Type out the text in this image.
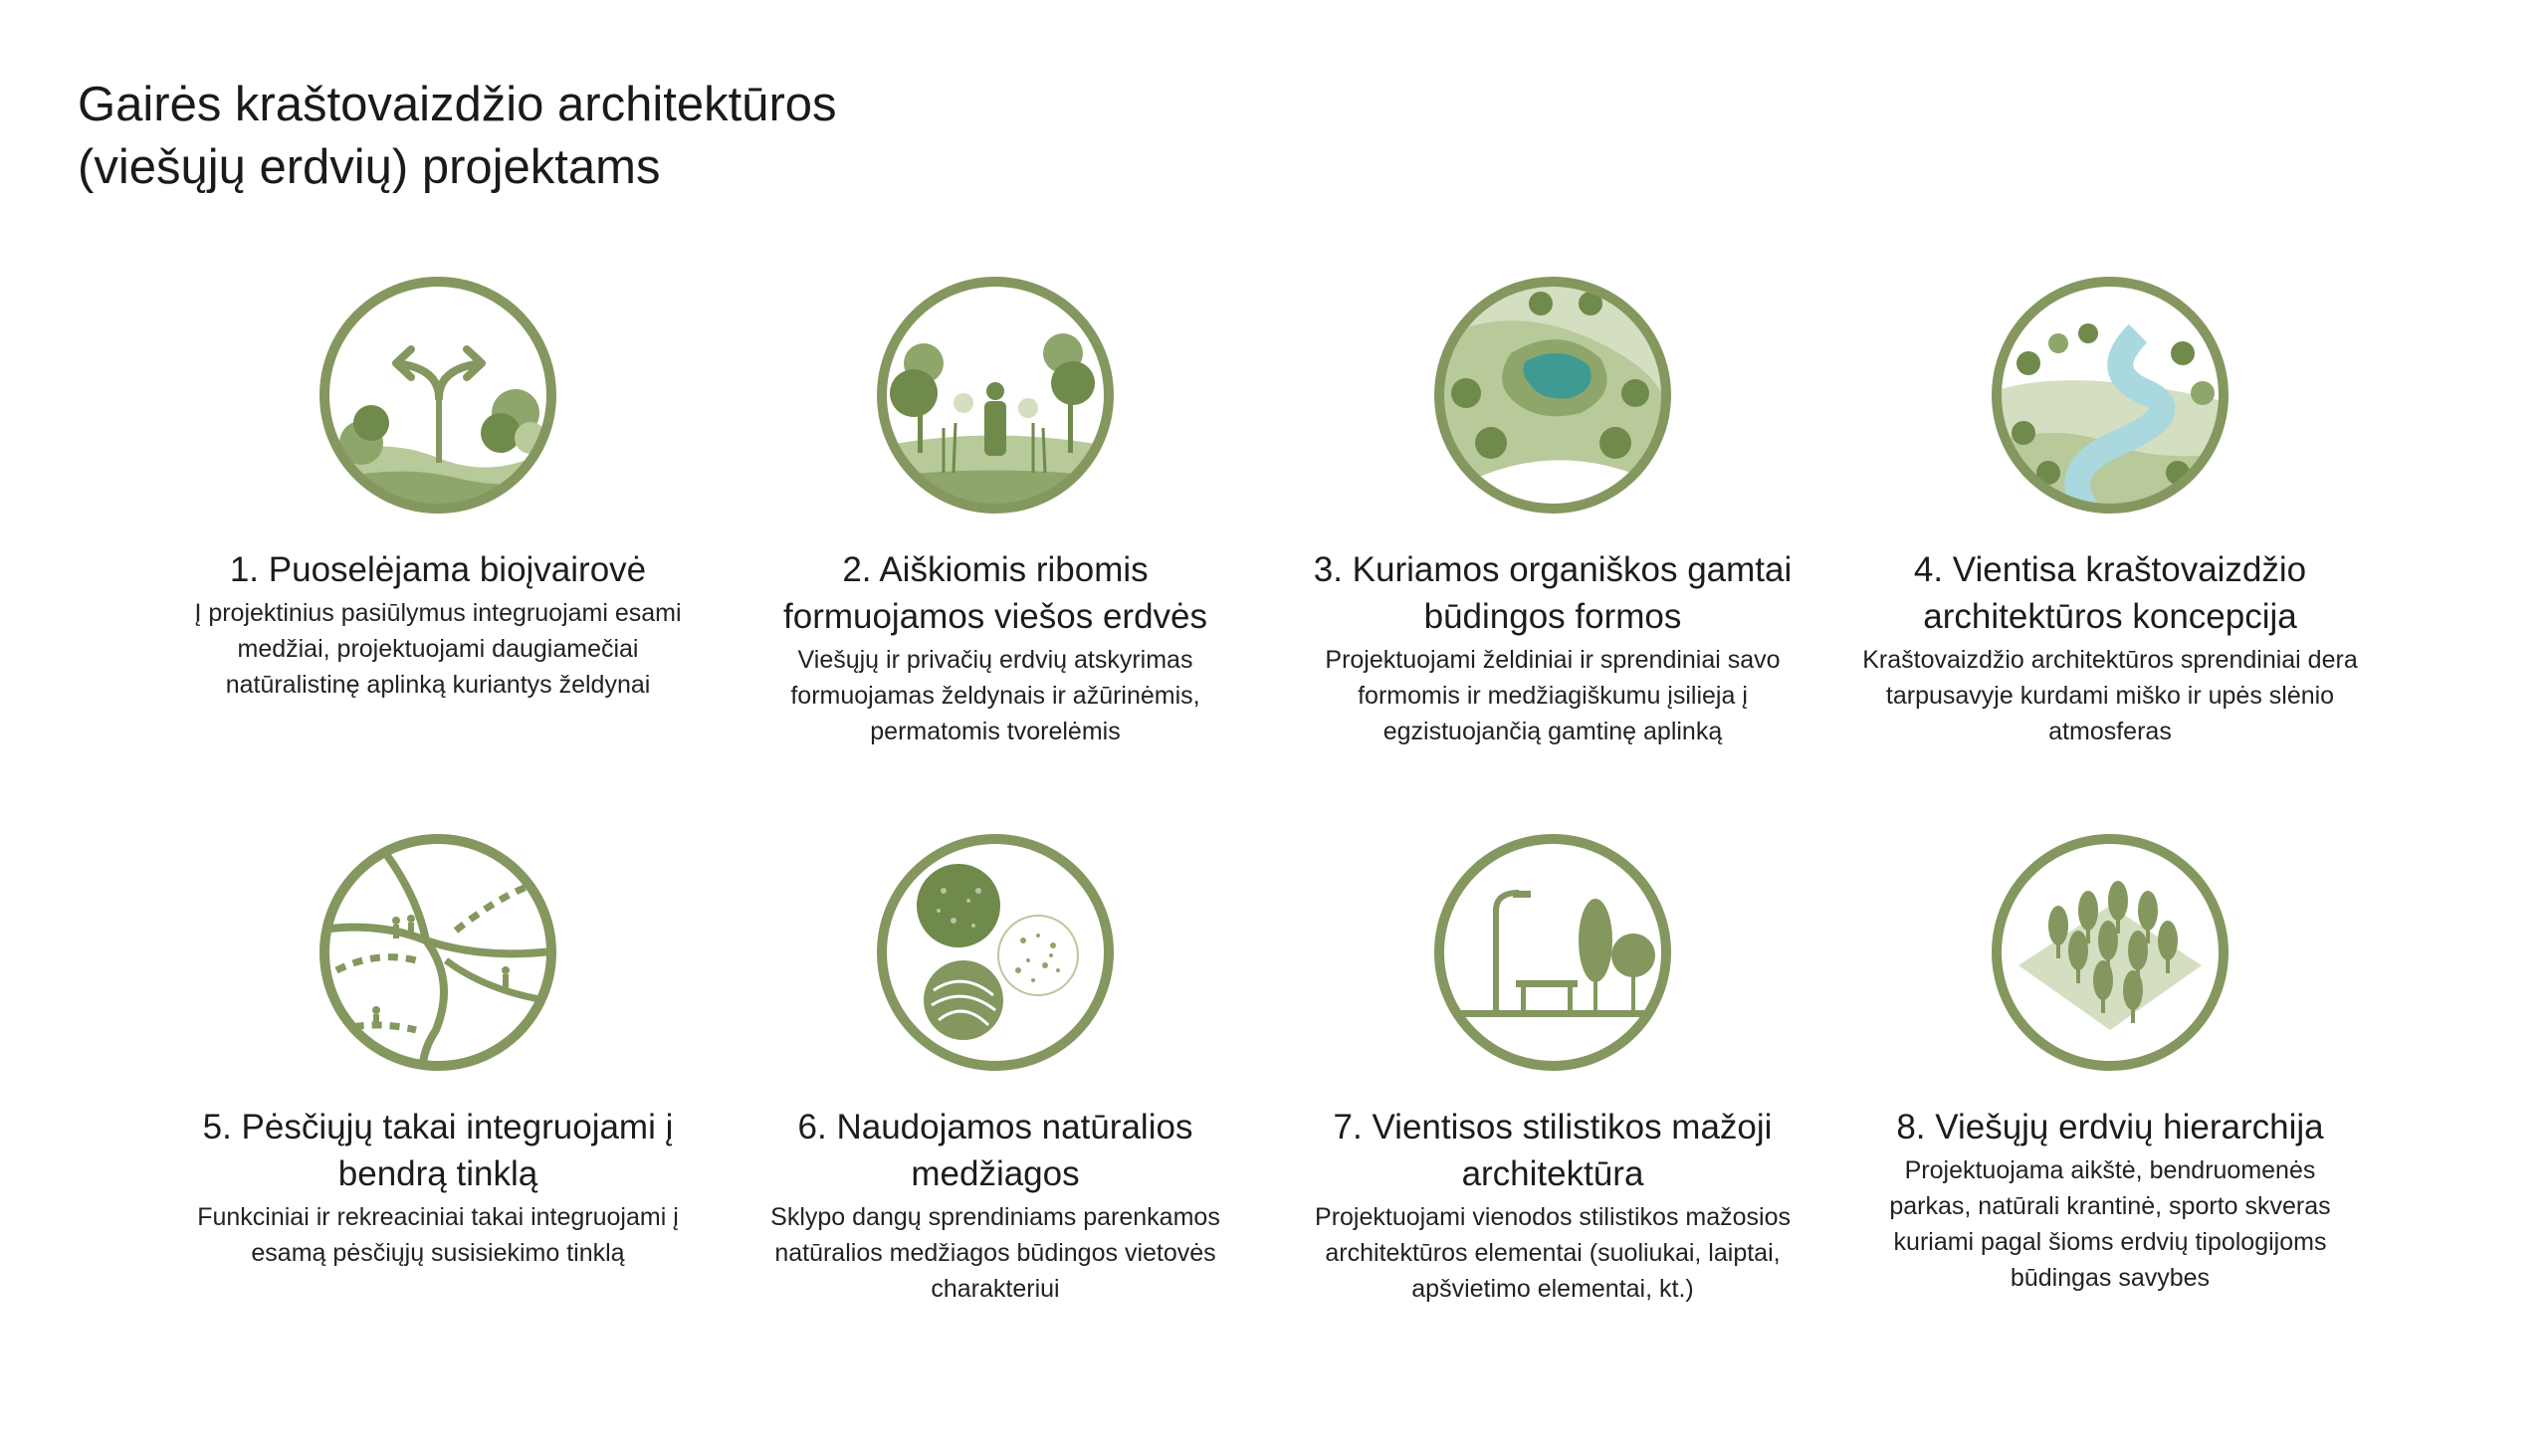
Gairės kraštovaizdžio architektūros
(viešųjų erdvių) projektams

1. Puoselėjama bioįvairovė

Į projektinius pasiūlymus integruojami esami medžiai, projektuojami daugiamečiai natūralistinę aplinką kuriantys želdynai

2. Aiškiomis ribomis formuojamos viešos erdvės

Viešųjų ir privačių erdvių atskyrimas formuojamas želdynais ir ažūrinėmis, permatomis tvorelėmis

3. Kuriamos organiškos gamtai būdingos formos

Projektuojami želdiniai ir sprendiniai savo formomis ir medžiagiškumu įsilieja į egzistuojančią gamtinę aplinką

4. Vientisa kraštovaizdžio architektūros koncepcija

Kraštovaizdžio architektūros sprendiniai dera tarpusavyje kurdami miško ir upės slėnio atmosferas

5. Pėsčiųjų takai integruojami į bendrą tinklą

Funkciniai ir rekreaciniai takai integruojami į esamą pėsčiųjų susisiekimo tinklą

6. Naudojamos natūralios medžiagos

Sklypo dangų sprendiniams parenkamos natūralios medžiagos būdingos vietovės charakteriui

7. Vientisos stilistikos mažoji architektūra

Projektuojami vienodos stilistikos mažosios architektūros elementai (suoliukai, laiptai, apšvietimo elementai, kt.)

8. Viešųjų erdvių hierarchija

Projektuojama aikštė, bendruomenės parkas, natūrali krantinė, sporto skveras kuriami pagal šioms erdvių tipologijoms būdingas savybes
